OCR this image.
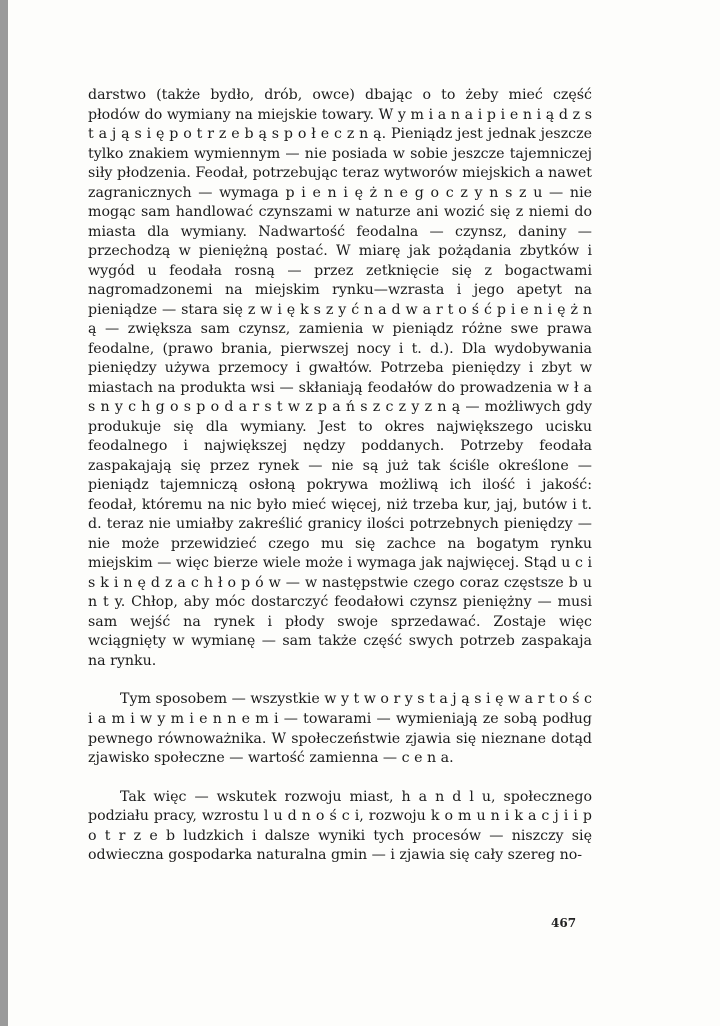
darstwo (także bydło, drób, owce) dbając o to żeby mieć część płodów do wymiany na miejskie towary. W y m i a n a i p i e n i ą d z s t a j ą s i ę p o t r z e b ą s p o ł e c z n ą. Pieniądz jest jednak jeszcze tylko znakiem wymiennym — nie posiada w sobie jeszcze tajemniczej siły płodzenia. Feodał, potrzebując teraz wytworów miejskich a nawet zagranicznych — wymaga p i e n i ę ż n e g o c z y n s z u — nie mogąc sam handlować czynszami w naturze ani wozić się z niemi do miasta dla wymiany. Nadwartość feodalna — czynsz, daniny — przechodzą w pieniężną postać. W miarę jak pożądania zbytków i wygód u feodała rosną — przez zetknięcie się z bogactwami nagromadzonemi na miejskim rynku—wzrasta i jego apetyt na pieniądze — stara się z w i ę k s z y ć n a d w a r t o ś ć p i e n i ę ż n ą — zwiększa sam czynsz, zamienia w pieniądz różne swe prawa feodalne, (prawo brania, pierwszej nocy i t. d.). Dla wydobywania pieniędzy używa przemocy i gwałtów. Potrzeba pieniędzy i zbyt w miastach na produkta wsi — skłaniają feodałów do prowadzenia w ł a s n y c h g o s p o d a r s t w z p a ń s z c z y z n ą — możliwych gdy produkuje się dla wymiany. Jest to okres największego ucisku feodalnego i największej nędzy poddanych. Potrzeby feodała zaspakajają się przez rynek — nie są już tak ściśle określone — pieniądz tajemniczą osłoną pokrywa możliwą ich ilość i jakość: feodał, któremu na nic było mieć więcej, niż trzeba kur, jaj, butów i t. d. teraz nie umiałby zakreślić granicy ilości potrzebnych pieniędzy — nie może przewidzieć czego mu się zachce na bogatym rynku miejskim — więc bierze wiele może i wymaga jak najwięcej. Stąd u c i s k i n ę d z a c h ł o p ó w — w następstwie czego coraz częstsze b u n t y. Chłop, aby móc dostarczyć feodałowi czynsz pieniężny — musi sam wejść na rynek i płody swoje sprzedawać. Zostaje więc wciągnięty w wymianę — sam także część swych potrzeb zaspakaja na rynku.

Tym sposobem — wszystkie w y t w o r y s t a j ą s i ę w a r t o ś c i a m i w y m i e n n e m i — towarami — wymieniają ze sobą podług pewnego równoważnika. W społeczeństwie zjawia się nieznane dotąd zjawisko społeczne — wartość zamienna — c e n a.

Tak więc — wskutek rozwoju miast, h a n d l u, społecznego podziału pracy, wzrostu l u d n o ś c i, rozwoju k o m u n i k a c j i i p o t r z e b ludzkich i dalsze wyniki tych procesów — niszczy się odwieczna gospodarka naturalna gmin — i zjawia się cały szereg no-

467
